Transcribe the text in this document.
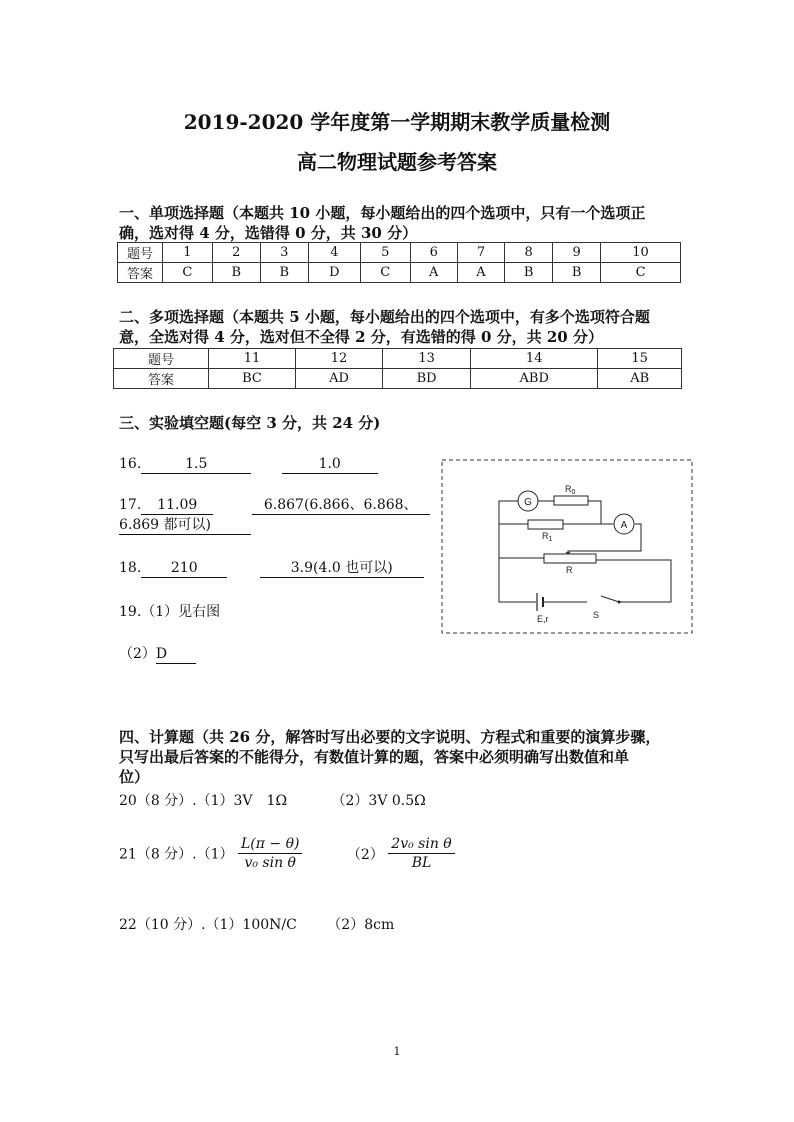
2019-2020 学年度第一学期期末教学质量检测
高二物理试题参考答案
一、单项选择题（本题共 10 小题，每小题给出的四个选项中，只有一个选项正
确，选对得 4 分，选错得 0 分，共 30 分）
题号	1	2	3	4	5	6	7	8	9	10
答案	C	B	B	D	C	A	A	B	B	C
二、多项选择题（本题共 5 小题，每小题给出的四个选项中，有多个选项符合题
意，全选对得 4 分，选对但不全得 2 分，有选错的得 0 分，共 20 分）
题号	11	12	13	14	15
答案	BC	AD	BD	ABD	AB
三、实验填空题(每空 3 分，共 24 分)
16.	1.5	1.0
17. 11.09	6.867(6.866、6.868、
6.869 都可以)
18. 210	3.9(4.0 也可以)
19.（1）见右图
（2）D
G
$R_0$
A
$R_1$
R
E,r	S
四、计算题（共 26 分，解答时写出必要的文字说明、方程式和重要的演算步骤，
只写出最后答案的不能得分，有数值计算的题，答案中必须明确写出数值和单
位）
20（8 分）.（1）3V　1Ω	（2）3V 0.5Ω
21（8 分）$.(1) \frac{L(\pi - \theta)}{\text{v₀ sin θ}}$	$(2) \frac{\text{2v₀ sin θ}}{BL}$
22（10 分）.（1）100N/C （2）8cm
1
